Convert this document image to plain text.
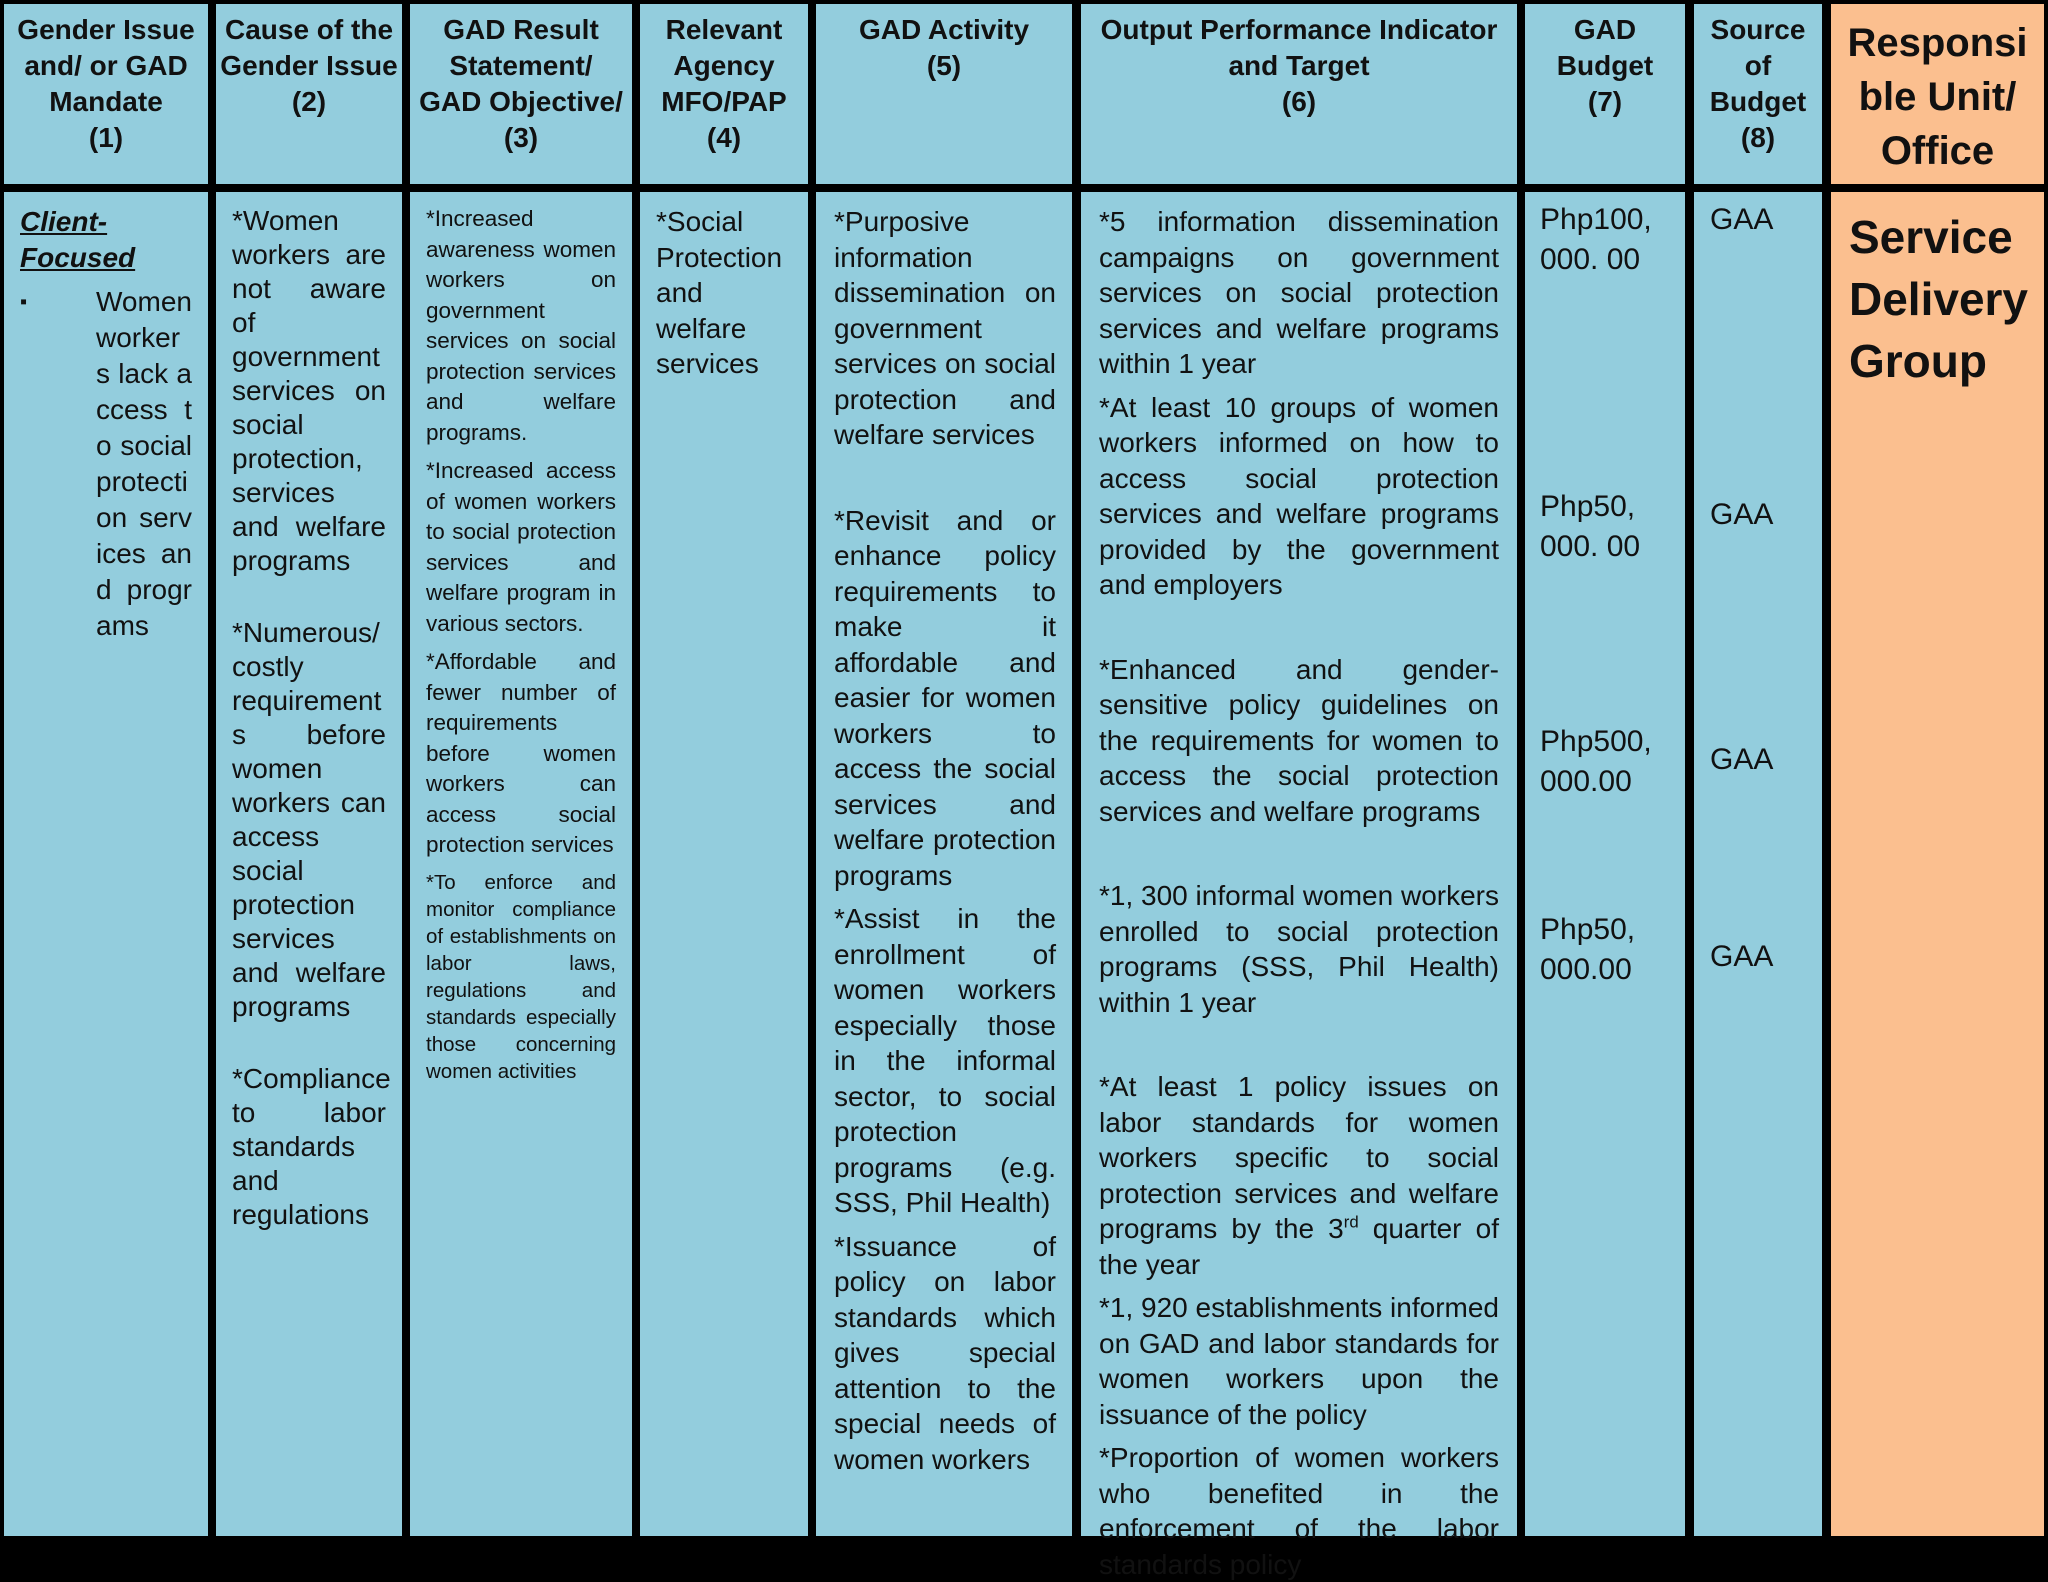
Gender Issue
and/ or GAD
Mandate
(1)
Cause of the
Gender Issue
(2)
GAD Result
Statement/
GAD Objective/
(3)
Relevant
Agency
MFO/PAP
(4)
GAD Activity
(5)
Output Performance Indicator
and Target
(6)
GAD
Budget
(7)
Source
of
Budget
(8)
Responsi
ble Unit/
Office
Client-
Focused
▪	Women worker s lack access to social protection services and programs

*Women workers are not aware of government services on social protection, services and welfare programs

*Numerous/ costly requirement s before women workers can access social protection services and welfare programs

*Compliance to labor standards and regulations

*Increased awareness women workers on government services on social protection services and welfare programs.

*Increased access of women workers to social protection services and welfare program in various sectors.

*Affordable and fewer number of requirements before women workers can access social protection services

*To enforce and monitor compliance of establishments on labor laws, regulations and standards especially those concerning women activities

*Social Protection and welfare services

*Purposive information dissemination on government services on social protection and welfare services

*Revisit and or enhance policy requirements to make it affordable and easier for women workers to access the social services and welfare protection programs

*Assist in the enrollment of women workers especially those in the informal sector, to social protection programs (e.g. SSS, Phil Health)

*Issuance of policy on labor standards which gives special attention to the special needs of women workers

*5 information dissemination campaigns on government services on social protection services and welfare programs within 1 year

*At least 10 groups of women workers informed on how to access social protection services and welfare programs provided by the government and employers

*Enhanced and gender-sensitive policy guidelines on the requirements for women to access the social protection services and welfare programs

*1, 300 informal women workers enrolled to social protection programs (SSS, Phil Health) within 1 year

*At least 1 policy issues on labor standards for women workers specific to social protection services and welfare programs by the 3rd quarter of the year

*1, 920 establishments informed on GAD and labor standards for women workers upon the issuance of the policy

*Proportion of women workers who benefited in the enforcement of the labor standards policy

Php100,
000. 00

Php50,
000. 00

Php500,
000.00

Php50,
000.00

GAA

GAA

GAA

GAA

Service
Delivery
Group
